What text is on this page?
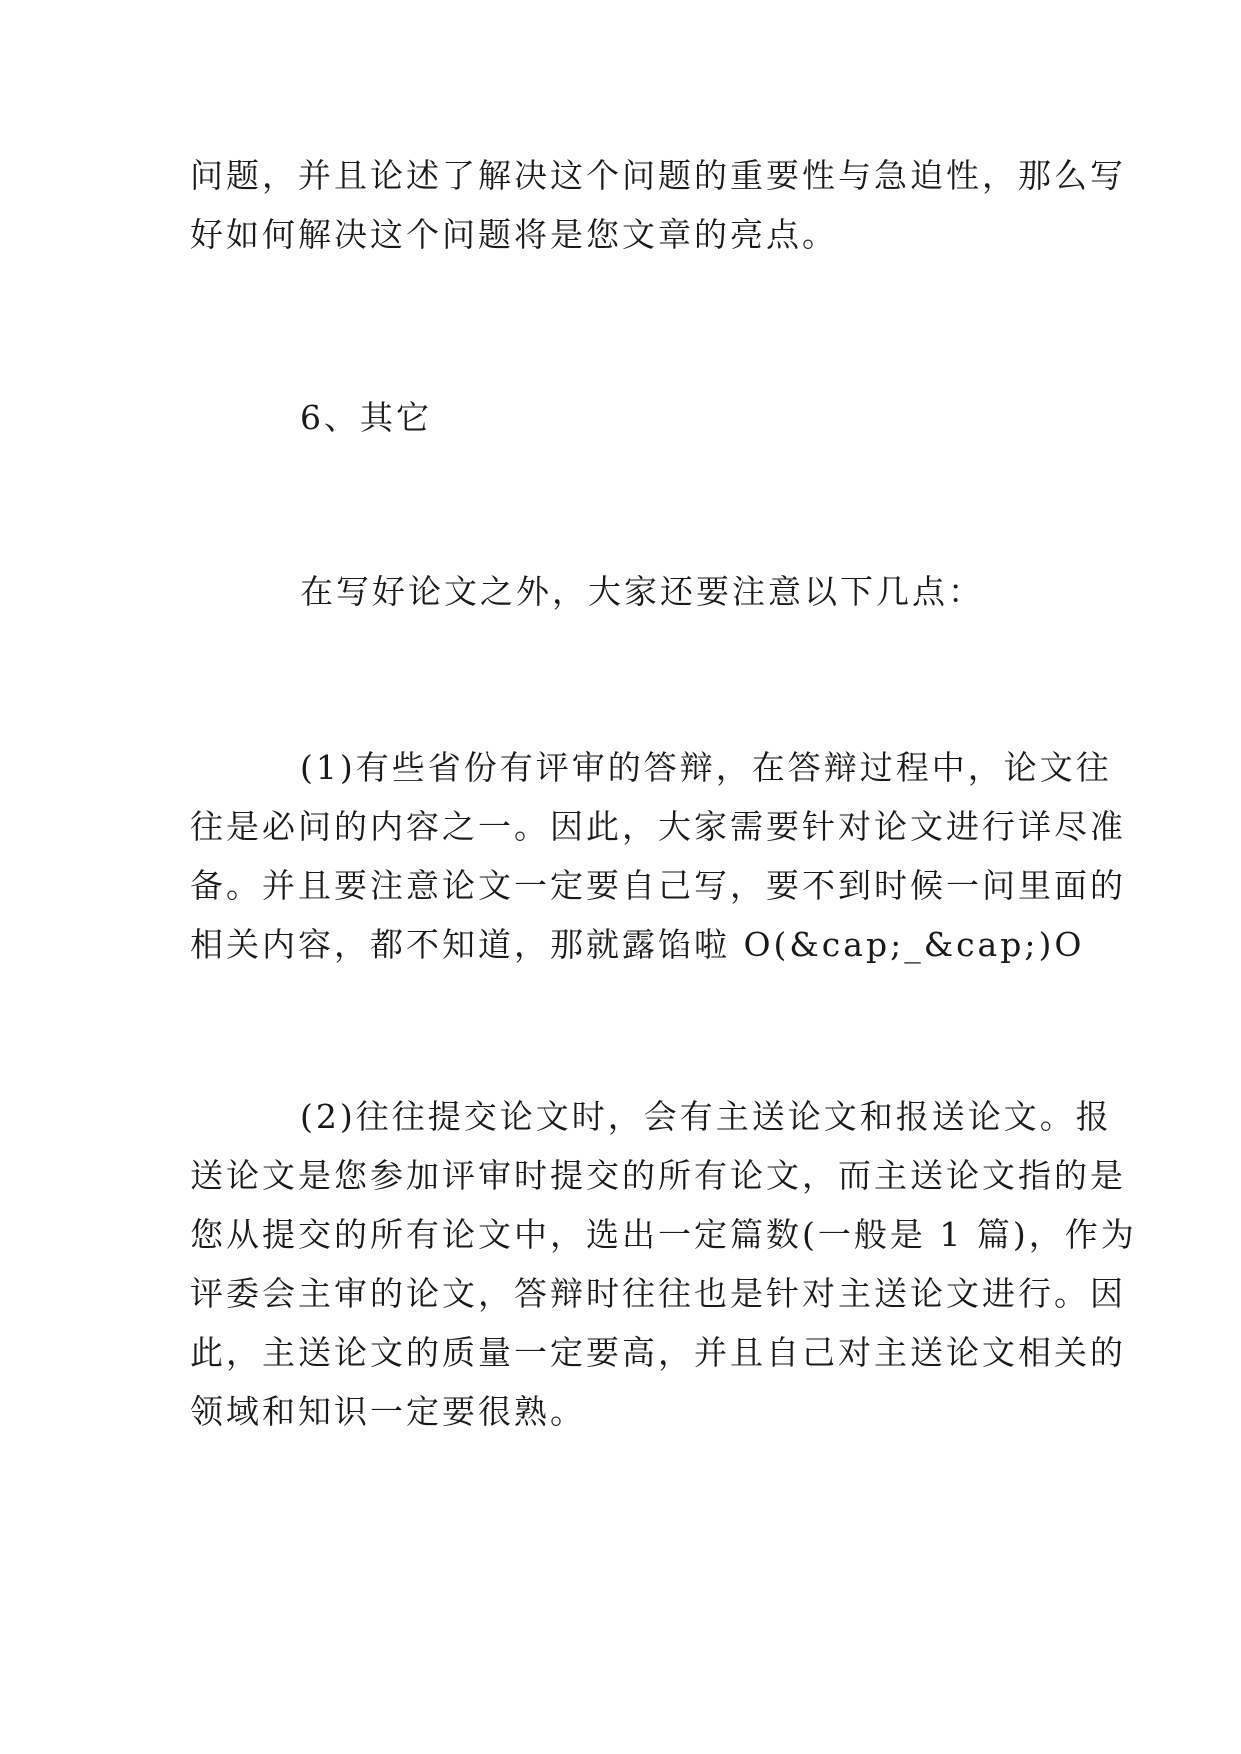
问题，并且论述了解决这个问题的重要性与急迫性，那么写
好如何解决这个问题将是您文章的亮点。
6、其它
在写好论文之外，大家还要注意以下几点：
(1)有些省份有评审的答辩，在答辩过程中，论文往
往是必问的内容之一。因此，大家需要针对论文进行详尽准
备。并且要注意论文一定要自己写，要不到时候一问里面的
相关内容，都不知道，那就露馅啦 O(&cap;_&cap;)O
(2)往往提交论文时，会有主送论文和报送论文。报
送论文是您参加评审时提交的所有论文，而主送论文指的是
您从提交的所有论文中，选出一定篇数(一般是 1 篇)，作为
评委会主审的论文，答辩时往往也是针对主送论文进行。因
此，主送论文的质量一定要高，并且自己对主送论文相关的
领域和知识一定要很熟。
